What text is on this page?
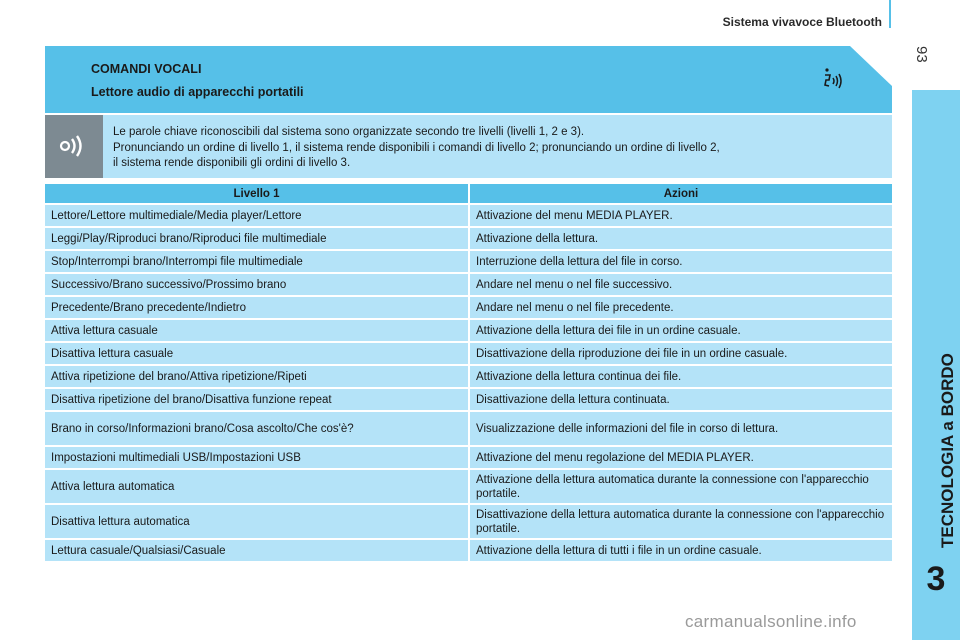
Sistema vivavoce Bluetooth
93
TECNOLOGIA a BORDO
3
COMANDI VOCALI
Lettore audio di apparecchi portatili
Le parole chiave riconoscibili dal sistema sono organizzate secondo tre livelli (livelli 1, 2 e 3).
Pronunciando un ordine di livello 1, il sistema rende disponibili i comandi di livello 2; pronunciando un ordine di livello 2,
il sistema rende disponibili gli ordini di livello 3.
Livello 1	Azioni
Lettore/Lettore multimediale/Media player/Lettore	Attivazione del menu MEDIA PLAYER.
Leggi/Play/Riproduci brano/Riproduci file multimediale	Attivazione della lettura.
Stop/Interrompi brano/Interrompi file multimediale	Interruzione della lettura del file in corso.
Successivo/Brano successivo/Prossimo brano	Andare nel menu o nel file successivo.
Precedente/Brano precedente/Indietro	Andare nel menu o nel file precedente.
Attiva lettura casuale	Attivazione della lettura dei file in un ordine casuale.
Disattiva lettura casuale	Disattivazione della riproduzione dei file in un ordine casuale.
Attiva ripetizione del brano/Attiva ripetizione/Ripeti	Attivazione della lettura continua dei file.
Disattiva ripetizione del brano/Disattiva funzione repeat	Disattivazione della lettura continuata.
Brano in corso/Informazioni brano/Cosa ascolto/Che cos'è?	Visualizzazione delle informazioni del file in corso di lettura.
Impostazioni multimediali USB/Impostazioni USB	Attivazione del menu regolazione del MEDIA PLAYER.
Attiva lettura automatica	Attivazione della lettura automatica durante la connessione con l'apparecchio portatile.
Disattiva lettura automatica	Disattivazione della lettura automatica durante la connessione con l'apparecchio portatile.
Lettura casuale/Qualsiasi/Casuale	Attivazione della lettura di tutti i file in un ordine casuale.
carmanualsonline.info
